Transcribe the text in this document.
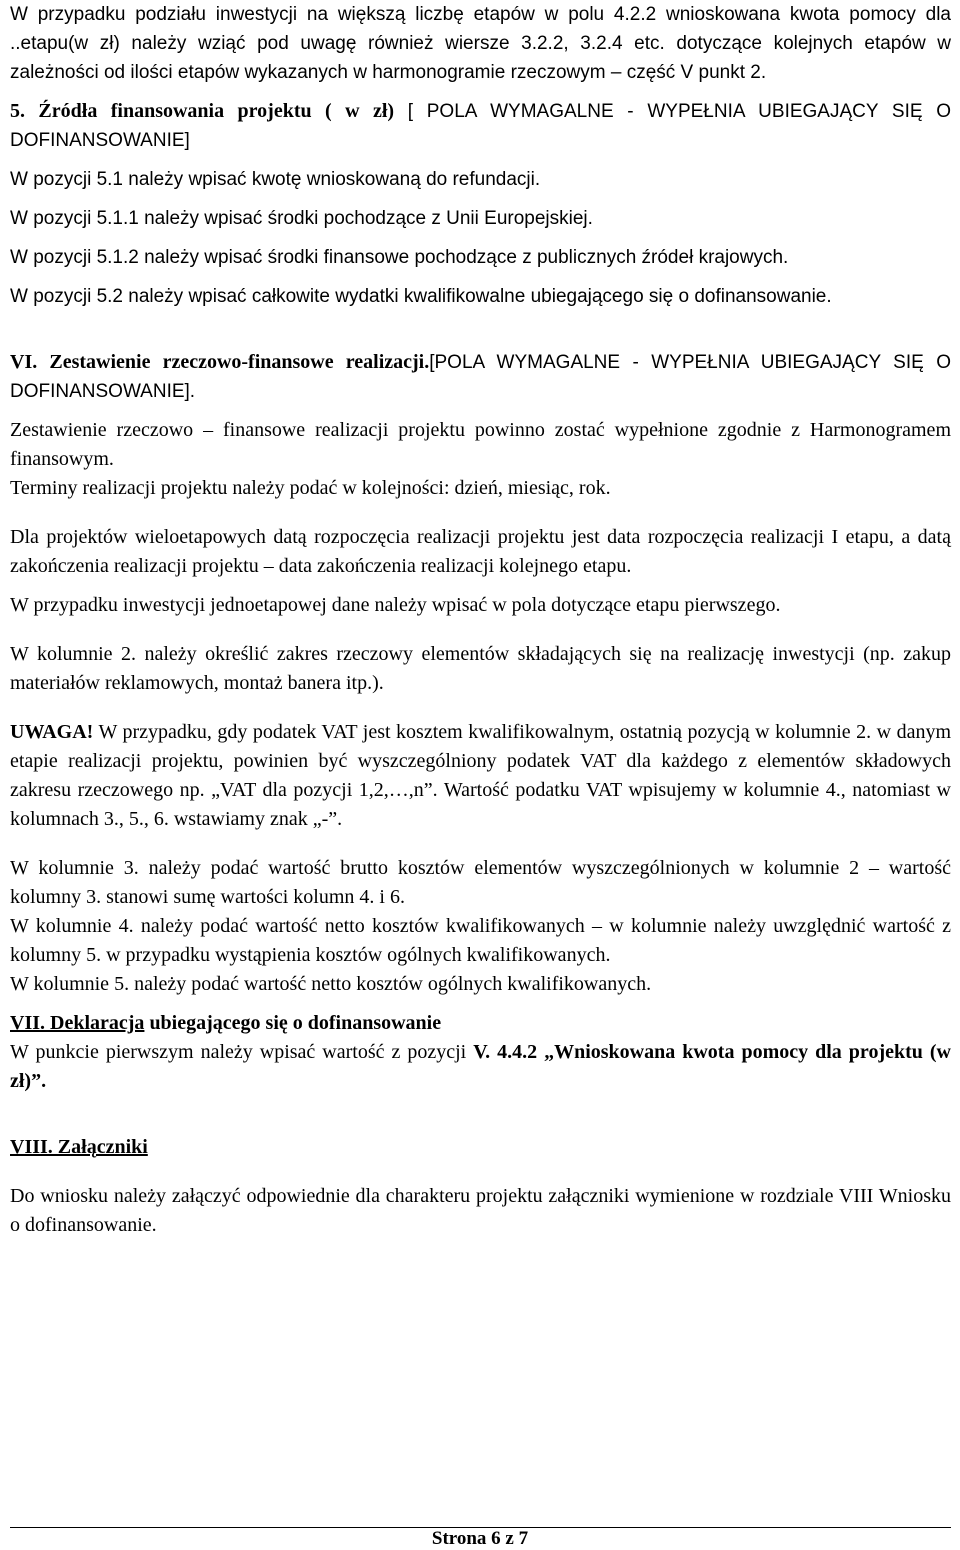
W przypadku podziału inwestycji na większą liczbę etapów w polu 4.2.2 wnioskowana kwota pomocy dla ..etapu(w zł) należy wziąć pod uwagę również wiersze 3.2.2, 3.2.4 etc. dotyczące kolejnych etapów w zależności od ilości etapów wykazanych w harmonogramie rzeczowym – część V punkt 2.

5. Źródła finansowania projektu ( w zł) [ POLA WYMAGALNE - WYPEŁNIA UBIEGAJĄCY SIĘ O DOFINANSOWANIE]

W pozycji 5.1 należy wpisać kwotę wnioskowaną do refundacji.

W pozycji 5.1.1 należy wpisać środki pochodzące z Unii Europejskiej.

W pozycji 5.1.2 należy wpisać środki finansowe pochodzące z publicznych źródeł krajowych.

W pozycji 5.2 należy wpisać całkowite wydatki kwalifikowalne ubiegającego się o dofinansowanie.

VI. Zestawienie rzeczowo-finansowe realizacji.[POLA WYMAGALNE - WYPEŁNIA UBIEGAJĄCY SIĘ O DOFINANSOWANIE].

Zestawienie rzeczowo – finansowe realizacji projektu powinno zostać wypełnione zgodnie z Harmonogramem finansowym.

Terminy realizacji projektu należy podać w kolejności: dzień, miesiąc, rok.

Dla projektów wieloetapowych datą rozpoczęcia realizacji projektu jest data rozpoczęcia realizacji I etapu, a datą zakończenia realizacji projektu – data zakończenia realizacji kolejnego etapu.

W przypadku inwestycji jednoetapowej dane należy wpisać w pola dotyczące etapu pierwszego.

W kolumnie 2. należy określić zakres rzeczowy elementów składających się na realizację inwestycji (np. zakup materiałów reklamowych, montaż banera itp.).

UWAGA! W przypadku, gdy podatek VAT jest kosztem kwalifikowalnym, ostatnią pozycją w kolumnie 2. w danym etapie realizacji projektu, powinien być wyszczególniony podatek VAT dla każdego z elementów składowych zakresu rzeczowego np. „VAT dla pozycji 1,2,…,n”. Wartość podatku VAT wpisujemy w kolumnie 4., natomiast w kolumnach 3., 5., 6. wstawiamy znak „-”.

W kolumnie 3. należy podać wartość brutto kosztów elementów wyszczególnionych w kolumnie 2 – wartość kolumny 3. stanowi sumę wartości kolumn 4. i 6.

W kolumnie 4. należy podać wartość netto kosztów kwalifikowanych – w kolumnie należy uwzględnić wartość z kolumny 5. w przypadku wystąpienia kosztów ogólnych kwalifikowanych.

W kolumnie 5. należy podać wartość netto kosztów ogólnych kwalifikowanych.

VII. Deklaracja ubiegającego się o dofinansowanie

W punkcie pierwszym należy wpisać wartość z pozycji V. 4.4.2 „Wnioskowana kwota pomocy dla projektu (w zł)”.

VIII. Załączniki

Do wniosku należy załączyć odpowiednie dla charakteru projektu załączniki wymienione w rozdziale VIII Wniosku o dofinansowanie.

Strona 6 z 7
